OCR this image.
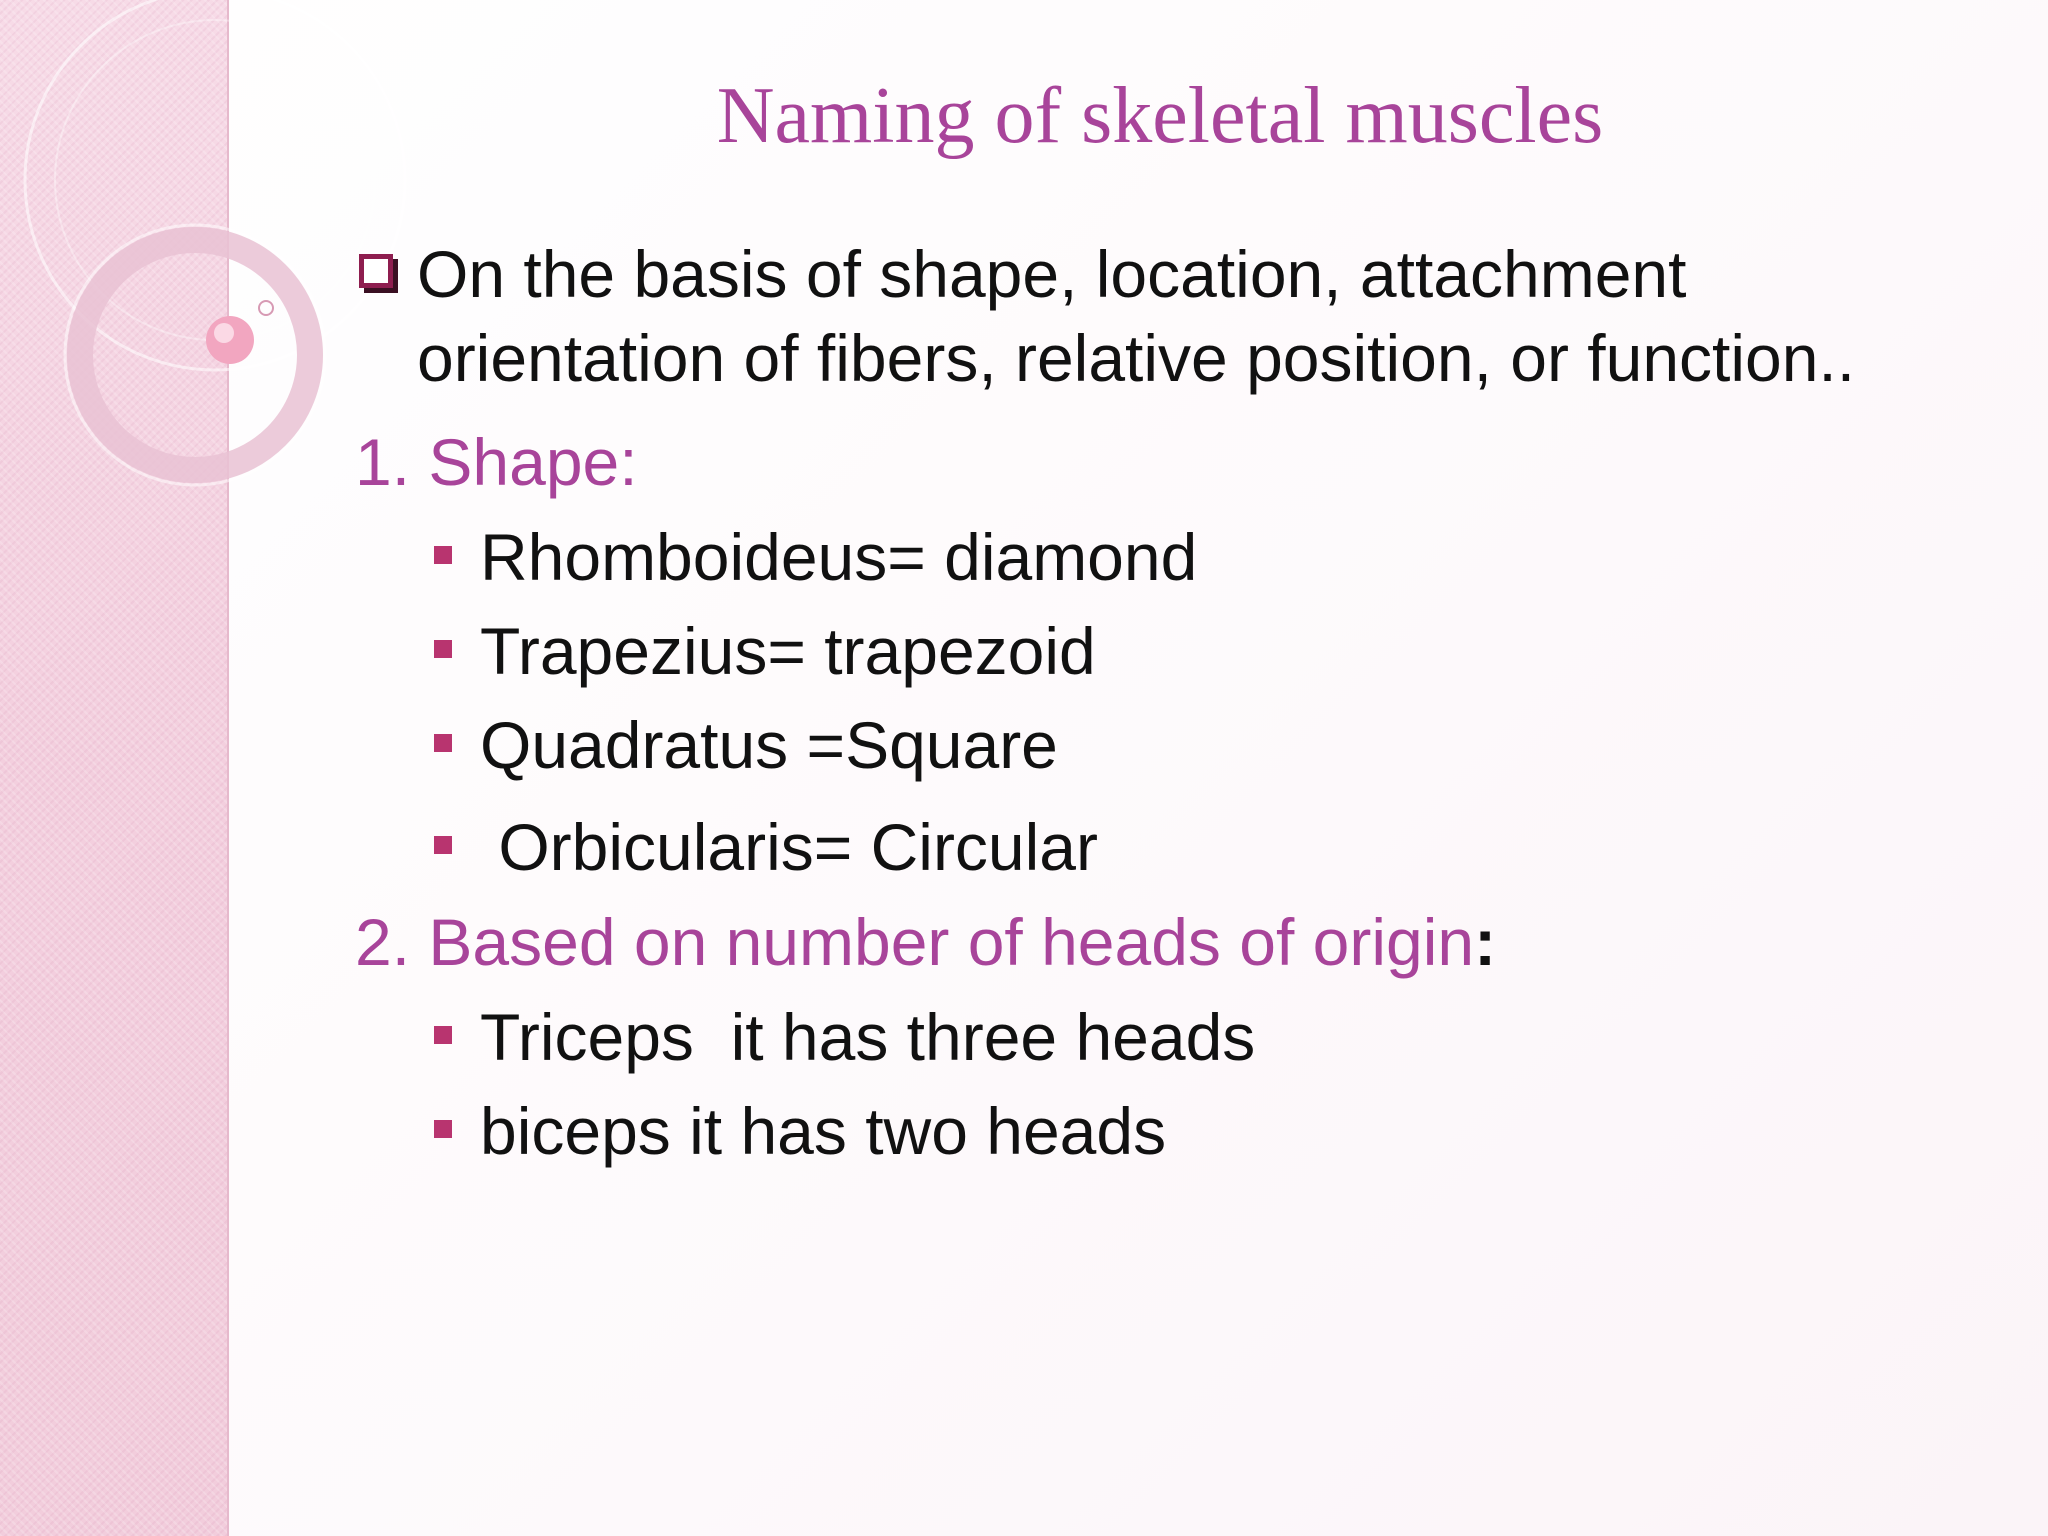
Naming of skeletal muscles
On the basis of shape, location, attachment orientation of fibers, relative position, or function..
1. Shape:
Rhomboideus= diamond
Trapezius= trapezoid
Quadratus =Square
Orbicularis= Circular
2. Based on number of heads of origin:
Triceps  it has three heads
biceps it has two heads
